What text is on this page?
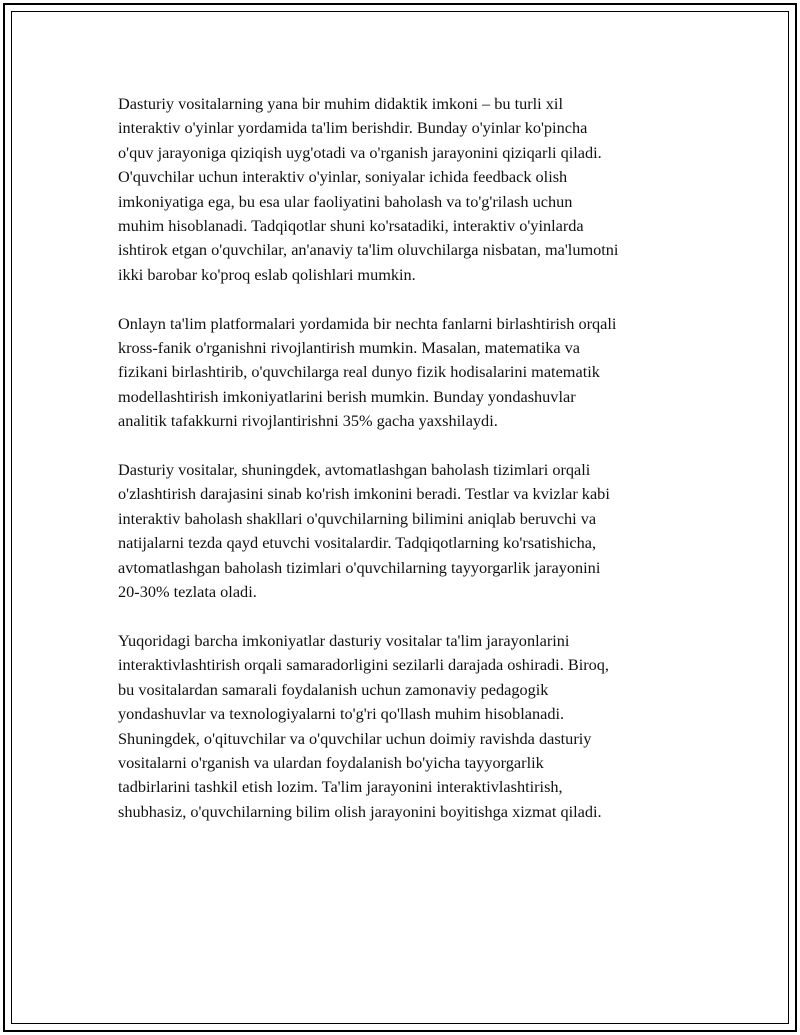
Dasturiy vositalarning yana bir muhim didaktik imkoni – bu turli xil
interaktiv o'yinlar yordamida ta'lim berishdir. Bunday o'yinlar ko'pincha
o'quv jarayoniga qiziqish uyg'otadi va o'rganish jarayonini qiziqarli qiladi.
O'quvchilar uchun interaktiv o'yinlar, soniyalar ichida feedback olish
imkoniyatiga ega, bu esa ular faoliyatini baholash va to'g'rilash uchun
muhim hisoblanadi. Tadqiqotlar shuni ko'rsatadiki, interaktiv o'yinlarda
ishtirok etgan o'quvchilar, an'anaviy ta'lim oluvchilarga nisbatan, ma'lumotni
ikki barobar ko'proq eslab qolishlari mumkin.

Onlayn ta'lim platformalari yordamida bir nechta fanlarni birlashtirish orqali
kross-fanik o'rganishni rivojlantirish mumkin. Masalan, matematika va
fizikani birlashtirib, o'quvchilarga real dunyo fizik hodisalarini matematik
modellashtirish imkoniyatlarini berish mumkin. Bunday yondashuvlar
analitik tafakkurni rivojlantirishni 35% gacha yaxshilaydi.

Dasturiy vositalar, shuningdek, avtomatlashgan baholash tizimlari orqali
o'zlashtirish darajasini sinab ko'rish imkonini beradi. Testlar va kvizlar kabi
interaktiv baholash shakllari o'quvchilarning bilimini aniqlab beruvchi va
natijalarni tezda qayd etuvchi vositalardir. Tadqiqotlarning ko'rsatishicha,
avtomatlashgan baholash tizimlari o'quvchilarning tayyorgarlik jarayonini
20-30% tezlata oladi.

Yuqoridagi barcha imkoniyatlar dasturiy vositalar ta'lim jarayonlarini
interaktivlashtirish orqali samaradorligini sezilarli darajada oshiradi. Biroq,
bu vositalardan samarali foydalanish uchun zamonaviy pedagogik
yondashuvlar va texnologiyalarni to'g'ri qo'llash muhim hisoblanadi.
Shuningdek, o'qituvchilar va o'quvchilar uchun doimiy ravishda dasturiy
vositalarni o'rganish va ulardan foydalanish bo'yicha tayyorgarlik
tadbirlarini tashkil etish lozim. Ta'lim jarayonini interaktivlashtirish,
shubhasiz, o'quvchilarning bilim olish jarayonini boyitishga xizmat qiladi.
